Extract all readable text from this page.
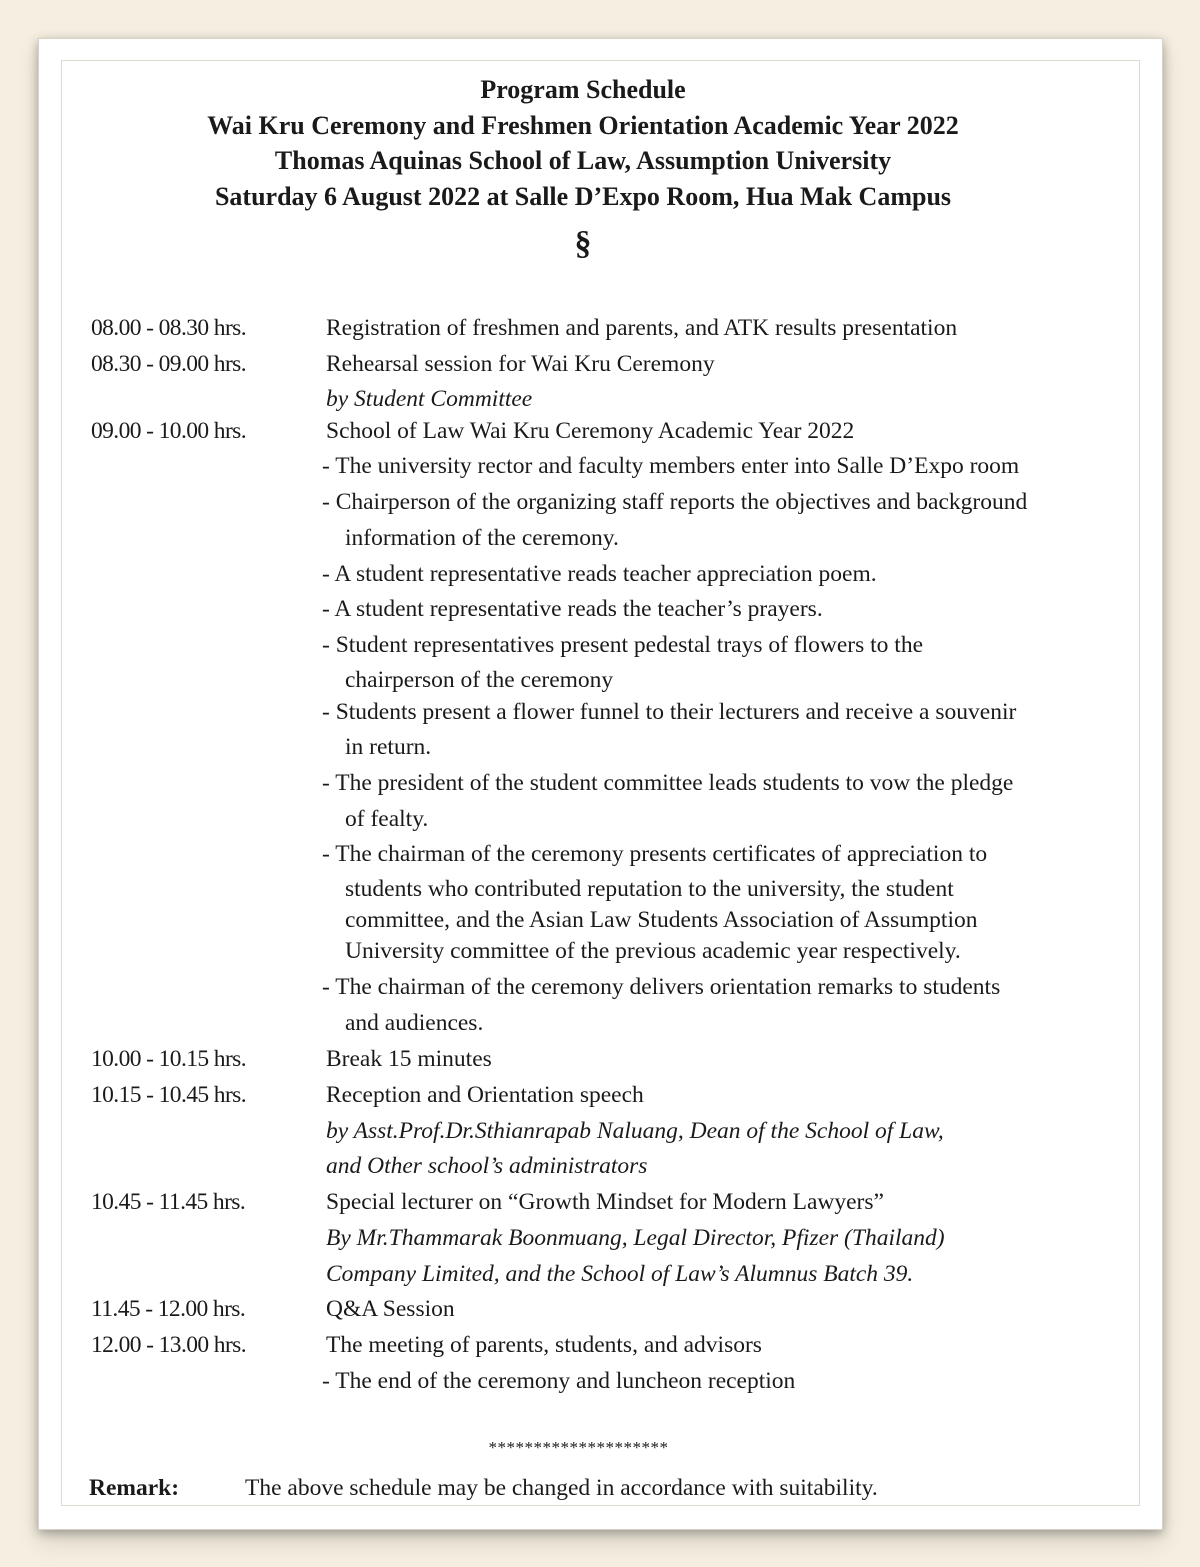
Program Schedule
Wai Kru Ceremony and Freshmen Orientation Academic Year 2022
Thomas Aquinas School of Law, Assumption University
Saturday 6 August 2022 at Salle D’Expo Room, Hua Mak Campus
§
08.00 - 08.30 hrs.	Registration of freshmen and parents, and ATK results presentation
08.30 - 09.00 hrs.	Rehearsal session for Wai Kru Ceremony
by Student Committee
09.00 - 10.00 hrs.	School of Law Wai Kru Ceremony Academic Year 2022
- The university rector and faculty members enter into Salle D’Expo room
- Chairperson of the organizing staff reports the objectives and background
information of the ceremony.
- A student representative reads teacher appreciation poem.
- A student representative reads the teacher’s prayers.
- Student representatives present pedestal trays of flowers to the
chairperson of the ceremony
- Students present a flower funnel to their lecturers and receive a souvenir
in return.
- The president of the student committee leads students to vow the pledge
of fealty.
- The chairman of the ceremony presents certificates of appreciation to
students who contributed reputation to the university, the student
committee, and the Asian Law Students Association of Assumption
University committee of the previous academic year respectively.
- The chairman of the ceremony delivers orientation remarks to students
and audiences.
10.00 - 10.15 hrs.	Break 15 minutes
10.15 - 10.45 hrs.	Reception and Orientation speech
by Asst.Prof.Dr.Sthianrapab Naluang, Dean of the School of Law,
and Other school’s administrators
10.45 - 11.45 hrs.	Special lecturer on “Growth Mindset for Modern Lawyers”
By Mr.Thammarak Boonmuang, Legal Director, Pfizer (Thailand)
Company Limited, and the School of Law’s Alumnus Batch 39.
11.45 - 12.00 hrs.	Q&A Session
12.00 - 13.00 hrs.	The meeting of parents, students, and advisors
- The end of the ceremony and luncheon reception
********************
Remark:	The above schedule may be changed in accordance with suitability.
